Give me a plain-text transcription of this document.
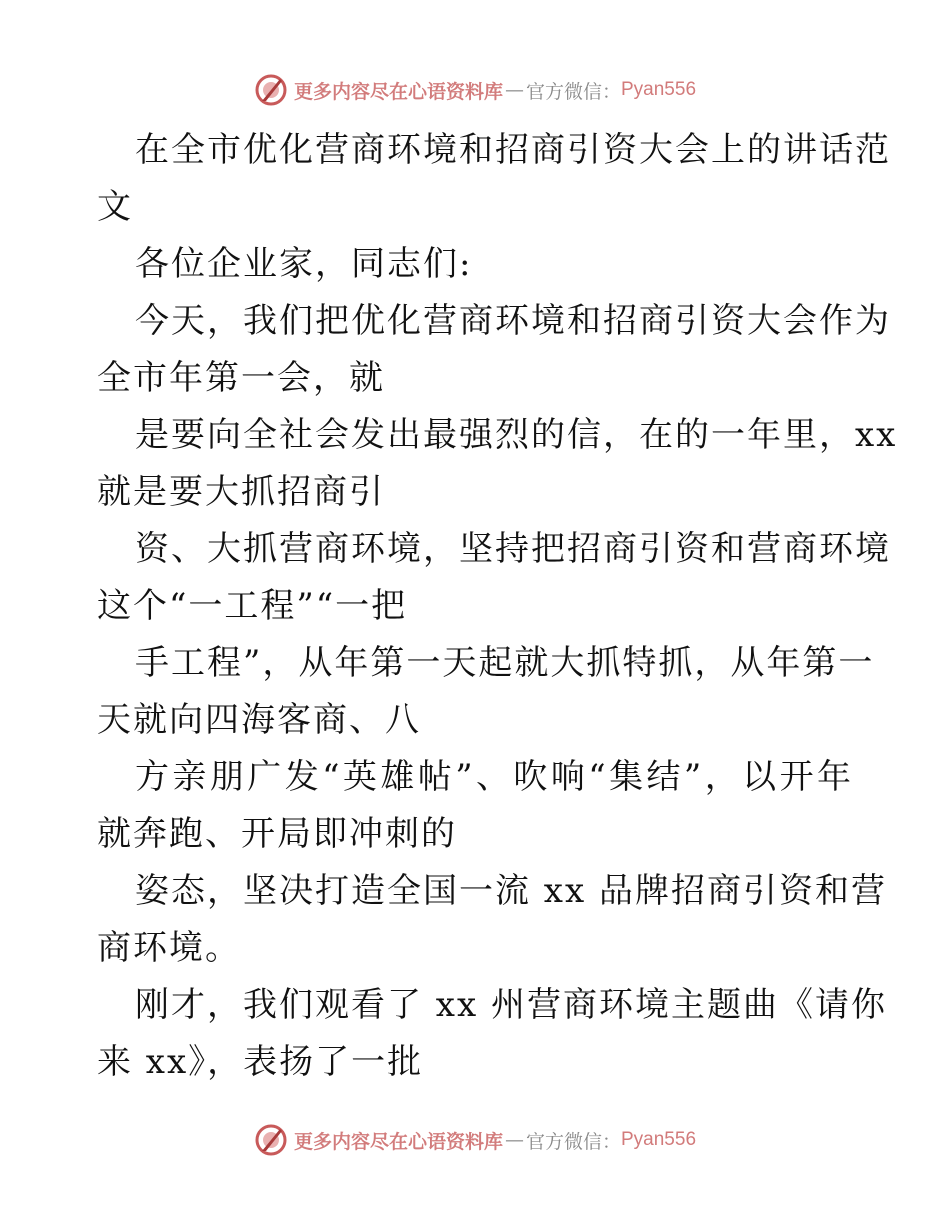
更多内容尽在心语资料库 — 官方微信： Pyan556
在全市优化营商环境和招商引资大会上的讲话范
文
各位企业家，同志们:
今天，我们把优化营商环境和招商引资大会作为
全市年第一会，就
是要向全社会发出最强烈的信，在的一年里，xx
就是要大抓招商引
资、大抓营商环境，坚持把招商引资和营商环境
这个“一工程”“一把
手工程”，从年第一天起就大抓特抓，从年第一
天就向四海客商、八
方亲朋广发“英雄帖”、吹响“集结”，以开年
就奔跑、开局即冲刺的
姿态，坚决打造全国一流 xx 品牌招商引资和营
商环境。
刚才，我们观看了 xx 州营商环境主题曲《请你
来 xx》，表扬了一批
更多内容尽在心语资料库 — 官方微信： Pyan556
